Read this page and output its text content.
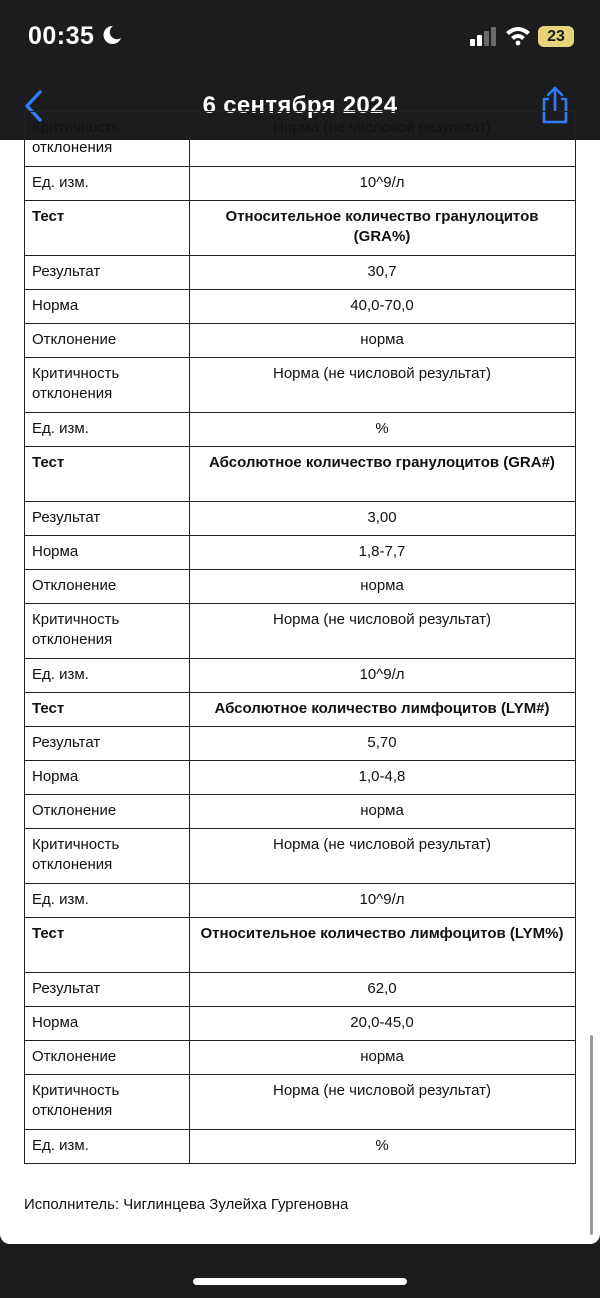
00:35	23
6 сентября 2024
Критичность отклонения	Норма (не числовой результат)
Ед. изм.	10^9/л
Тест	Относительное количество гранулоцитов (GRA%)
Результат	30,7
Норма	40,0-70,0
Отклонение	норма
Критичность отклонения	Норма (не числовой результат)
Ед. изм.	%
Тест	Абсолютное количество гранулоцитов (GRA#)
Результат	3,00
Норма	1,8-7,7
Отклонение	норма
Критичность отклонения	Норма (не числовой результат)
Ед. изм.	10^9/л
Тест	Абсолютное количество лимфоцитов (LYM#)
Результат	5,70
Норма	1,0-4,8
Отклонение	норма
Критичность отклонения	Норма (не числовой результат)
Ед. изм.	10^9/л
Тест	Относительное количество лимфоцитов (LYM%)
Результат	62,0
Норма	20,0-45,0
Отклонение	норма
Критичность отклонения	Норма (не числовой результат)
Ед. изм.	%
Исполнитель: Чиглинцева Зулейха Гургеновна
